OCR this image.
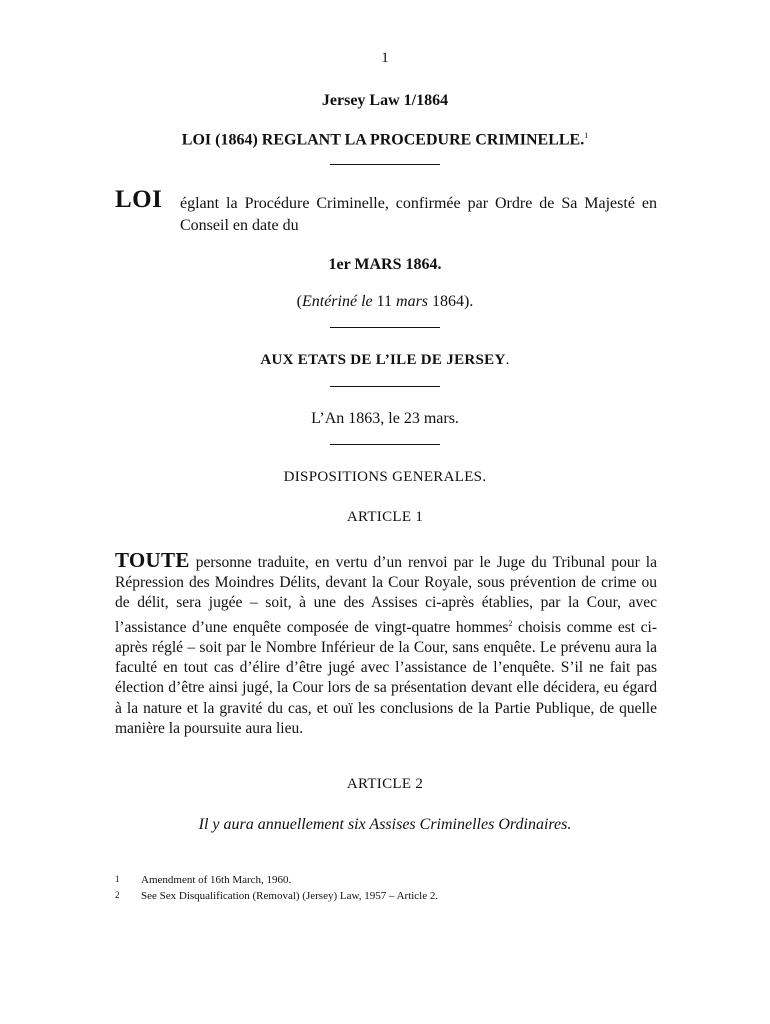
1
Jersey Law 1/1864
LOI (1864) REGLANT LA PROCEDURE CRIMINELLE.$^1$
LOI églant la Procédure Criminelle, confirmée par Ordre de Sa Majesté en Conseil en date du
1er MARS 1864.
(Entériné le 11 mars 1864).
AUX ETATS DE L’ILE DE JERSEY.
L’An 1863, le 23 mars.
DISPOSITIONS GENERALES.
ARTICLE 1
TOUTE personne traduite, en vertu d’un renvoi par le Juge du Tribunal pour la Répression des Moindres Délits, devant la Cour Royale, sous prévention de crime ou de délit, sera jugée – soit, à une des Assises ci-après établies, par la Cour, avec l’assistance d’une enquête composée de vingt-quatre hommes$^2$ choisis comme est ci-après réglé – soit par le Nombre Inférieur de la Cour, sans enquête. Le prévenu aura la faculté en tout cas d’élire d’être jugé avec l’assistance de l’enquête. S’il ne fait pas élection d’être ainsi jugé, la Cour lors de sa présentation devant elle décidera, eu égard à la nature et la gravité du cas, et ouï les conclusions de la Partie Publique, de quelle manière la poursuite aura lieu.
ARTICLE 2
Il y aura annuellement six Assises Criminelles Ordinaires.
1 Amendment of 16th March, 1960.
2 See Sex Disqualification (Removal) (Jersey) Law, 1957 – Article 2.
